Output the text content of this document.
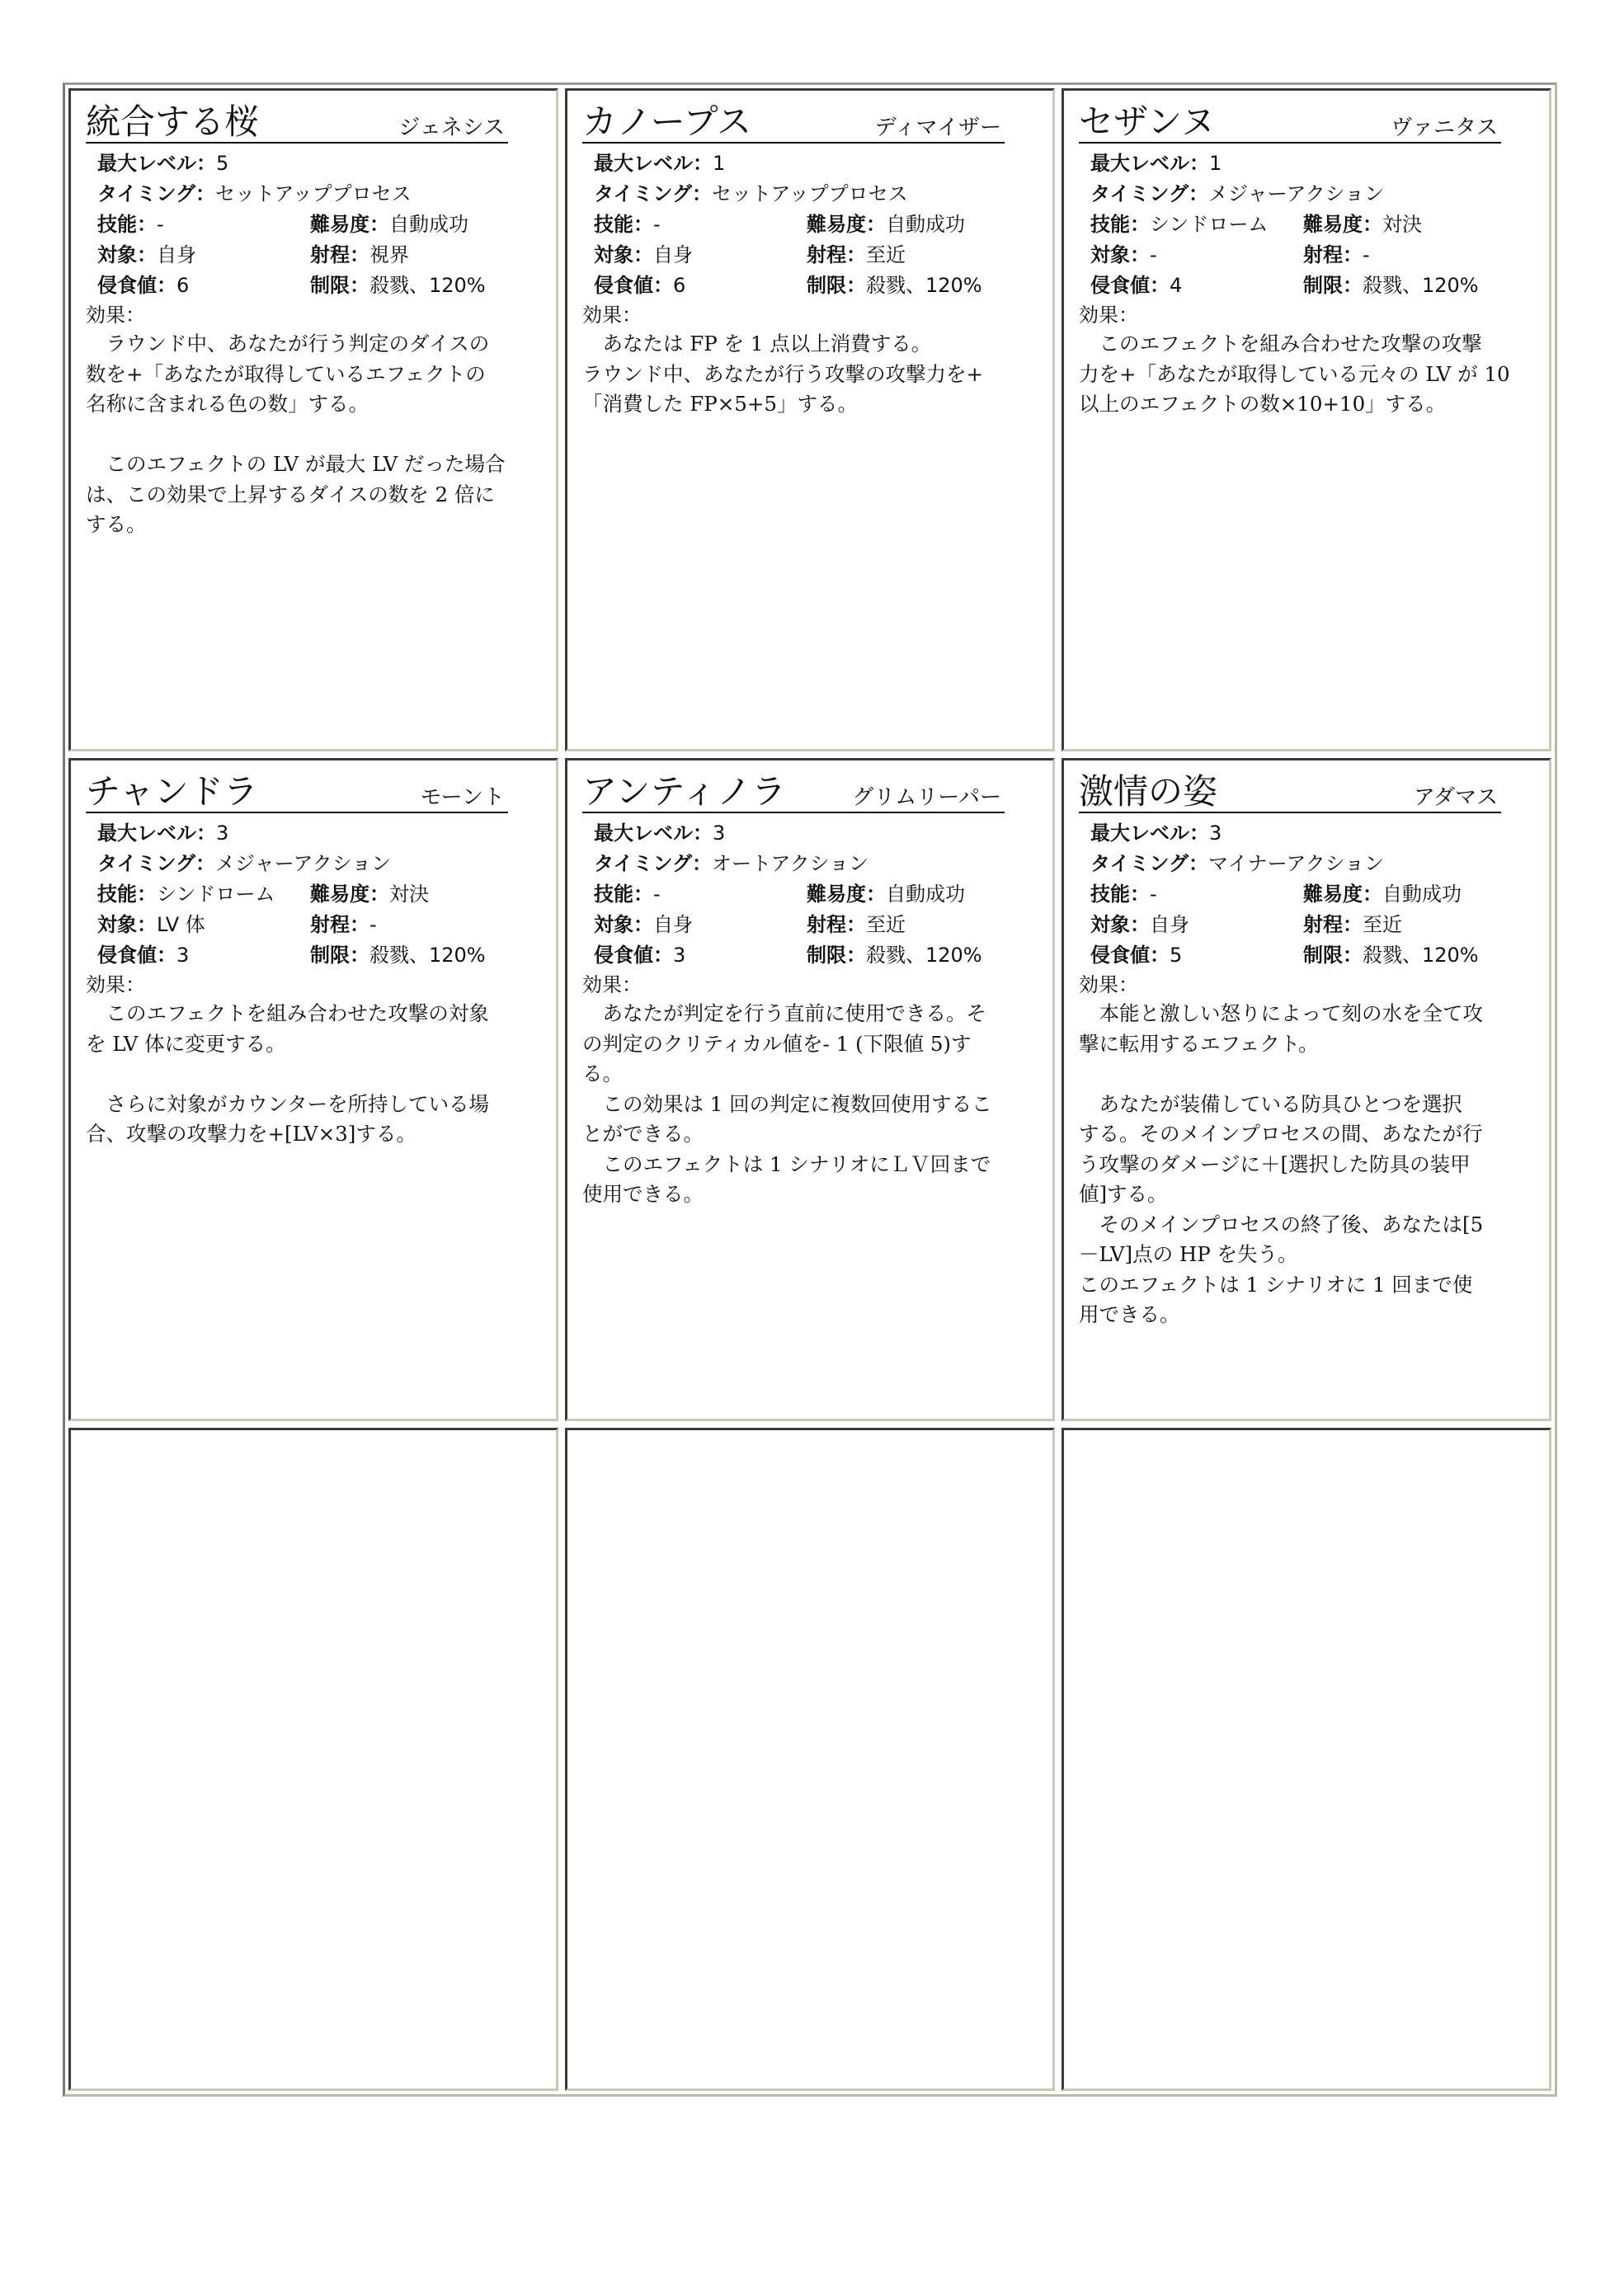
統合する桜	ジェネシス
最大レベル：5
タイミング：セットアッププロセス
技能：-	難易度：自動成功
対象：自身	射程：視界
侵食値：6	制限：殺戮、120%
効果：

　ラウンド中、あなたが行う判定のダイスの

数を+「あなたが取得しているエフェクトの

名称に含まれる色の数」する。

　このエフェクトの LV が最大 LV だった場合

は、この効果で上昇するダイスの数を 2 倍に

する。

カノープス	ディマイザー
最大レベル：1
タイミング：セットアッププロセス
技能：-	難易度：自動成功
対象：自身	射程：至近
侵食値：6	制限：殺戮、120%
効果：

　あなたは FP を 1 点以上消費する。

ラウンド中、あなたが行う攻撃の攻撃力を+

「消費した FP×5+5」する。

セザンヌ	ヴァニタス
最大レベル：1
タイミング：メジャーアクション
技能：シンドローム	難易度：対決
対象：-	射程：-
侵食値：4	制限：殺戮、120%
効果：

　このエフェクトを組み合わせた攻撃の攻撃

力を+「あなたが取得している元々の LV が 10

以上のエフェクトの数×10+10」する。

チャンドラ	モーント
最大レベル：3
タイミング：メジャーアクション
技能：シンドローム	難易度：対決
対象：LV 体	射程：-
侵食値：3	制限：殺戮、120%
効果：

　このエフェクトを組み合わせた攻撃の対象

を LV 体に変更する。

　さらに対象がカウンターを所持している場

合、攻撃の攻撃力を+[LV×3]する。

アンティノラ	グリムリーパー
最大レベル：3
タイミング：オートアクション
技能：-	難易度：自動成功
対象：自身	射程：至近
侵食値：3	制限：殺戮、120%
効果：

　あなたが判定を行う直前に使用できる。そ

の判定のクリティカル値を- 1 (下限値 5)す

る。

　この効果は 1 回の判定に複数回使用するこ

とができる。

　このエフェクトは 1 シナリオにＬＶ回まで

使用できる。

激情の姿	アダマス
最大レベル：3
タイミング：マイナーアクション
技能：-	難易度：自動成功
対象：自身	射程：至近
侵食値：5	制限：殺戮、120%
効果：

　本能と激しい怒りによって刻の水を全て攻

撃に転用するエフェクト。

　あなたが装備している防具ひとつを選択

する。そのメインプロセスの間、あなたが行

う攻撃のダメージに＋[選択した防具の装甲

値]する。

　そのメインプロセスの終了後、あなたは[5

－LV]点の HP を失う。

このエフェクトは 1 シナリオに 1 回まで使

用できる。
